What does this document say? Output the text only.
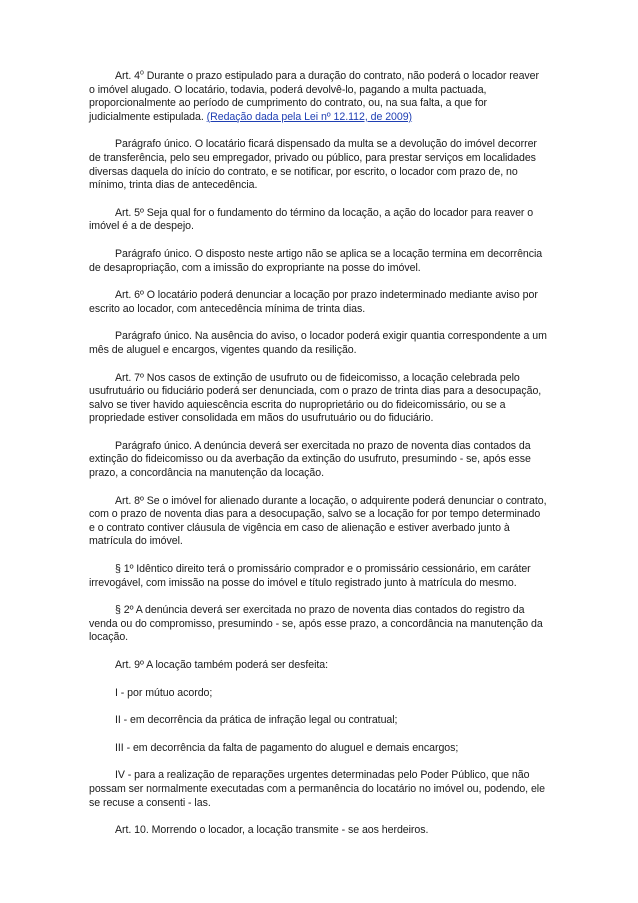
Art. 4$^o$ Durante o prazo estipulado para a duração do contrato, não poderá o locador reaver o imóvel alugado. O locatário, todavia, poderá devolvê-lo, pagando a multa pactuada, proporcionalmente ao período de cumprimento do contrato, ou, na sua falta, a que for judicialmente estipulada. (Redação dada pela Lei nº 12.112, de 2009)

Parágrafo único. O locatário ficará dispensado da multa se a devolução do imóvel decorrer de transferência, pelo seu empregador, privado ou público, para prestar serviços em localidades diversas daquela do início do contrato, e se notificar, por escrito, o locador com prazo de, no mínimo, trinta dias de antecedência.

Art. 5º Seja qual for o fundamento do término da locação, a ação do locador para reaver o imóvel é a de despejo.

Parágrafo único. O disposto neste artigo não se aplica se a locação termina em decorrência de desapropriação, com a imissão do expropriante na posse do imóvel.

Art. 6º O locatário poderá denunciar a locação por prazo indeterminado mediante aviso por escrito ao locador, com antecedência mínima de trinta dias.

Parágrafo único. Na ausência do aviso, o locador poderá exigir quantia correspondente a um mês de aluguel e encargos, vigentes quando da resilição.

Art. 7º Nos casos de extinção de usufruto ou de fideicomisso, a locação celebrada pelo usufrutuário ou fiduciário poderá ser denunciada, com o prazo de trinta dias para a desocupação, salvo se tiver havido aquiescência escrita do nuproprietário ou do fideicomissário, ou se a propriedade estiver consolidada em mãos do usufrutuário ou do fiduciário.

Parágrafo único. A denúncia deverá ser exercitada no prazo de noventa dias contados da extinção do fideicomisso ou da averbação da extinção do usufruto, presumindo - se, após esse prazo, a concordância na manutenção da locação.

Art. 8º Se o imóvel for alienado durante a locação, o adquirente poderá denunciar o contrato, com o prazo de noventa dias para a desocupação, salvo se a locação for por tempo determinado e o contrato contiver cláusula de vigência em caso de alienação e estiver averbado junto à matrícula do imóvel.

§ 1º Idêntico direito terá o promissário comprador e o promissário cessionário, em caráter irrevogável, com imissão na posse do imóvel e título registrado junto à matrícula do mesmo.

§ 2º A denúncia deverá ser exercitada no prazo de noventa dias contados do registro da venda ou do compromisso, presumindo - se, após esse prazo, a concordância na manutenção da locação.

Art. 9º A locação também poderá ser desfeita:

I - por mútuo acordo;

II - em decorrência da prática de infração legal ou contratual;

III - em decorrência da falta de pagamento do aluguel e demais encargos;

IV - para a realização de reparações urgentes determinadas pelo Poder Público, que não possam ser normalmente executadas com a permanência do locatário no imóvel ou, podendo, ele se recuse a consenti - las.

Art. 10. Morrendo o locador, a locação transmite - se aos herdeiros.
